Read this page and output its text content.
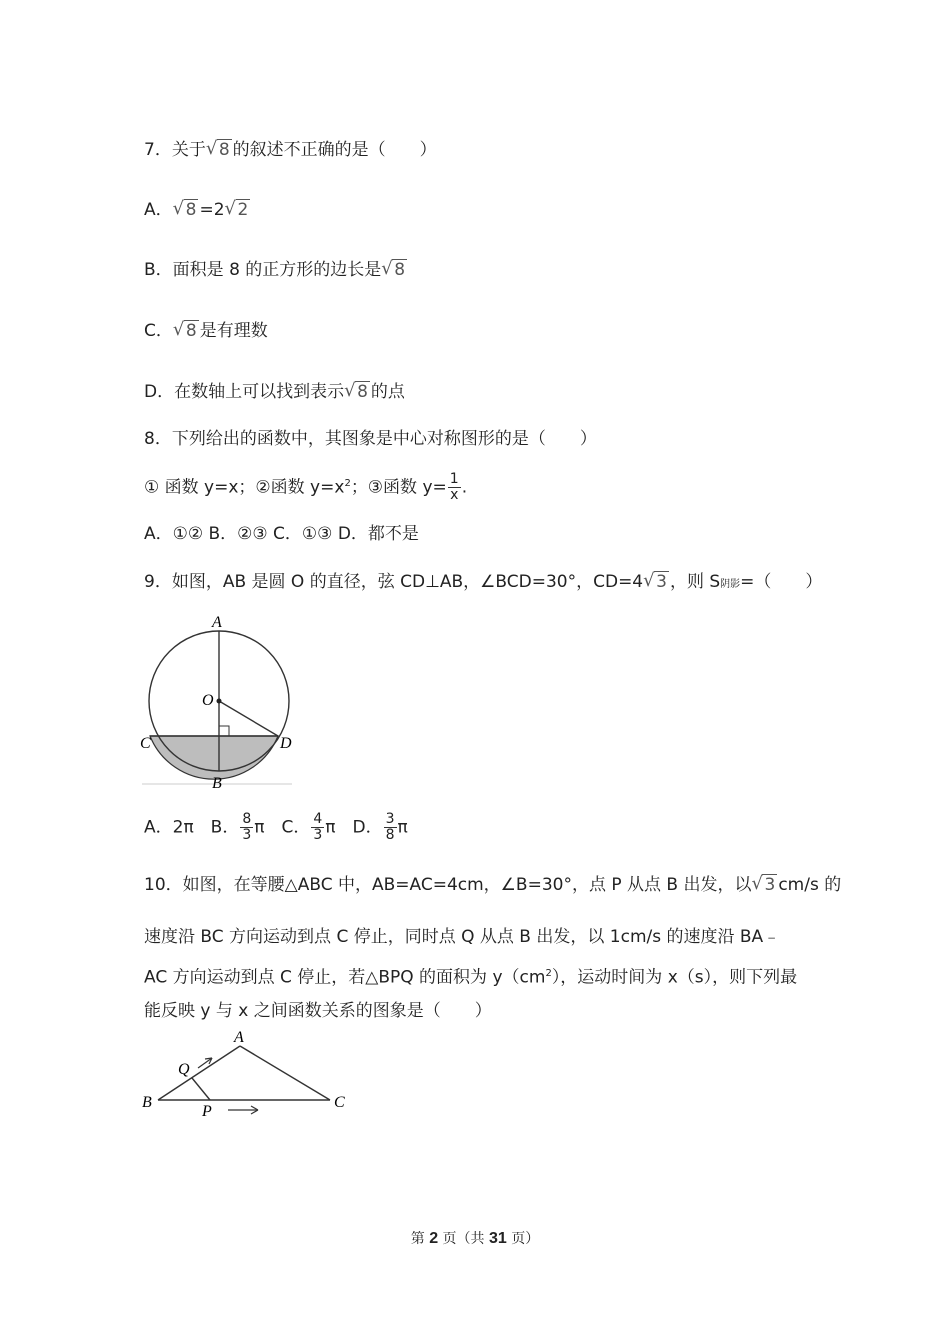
7．关于 √ 8 的叙述不正确的是（　　）
A． √ 8 =2 √ 2
B．面积是 8 的正方形的边长是 √ 8
C． √ 8 是有理数
D．在数轴上可以找到表示 √ 8 的点
8．下列给出的函数中，其图象是中心对称图形的是（　　）
① 函数 y=x；②函数 $y=x^2$；③函数 $y= \frac{1}{x}$ .
A．①② B．②③ C．①③ D．都不是
9．如图，AB 是圆 O 的直径，弦 CD⊥AB，∠BCD=30°，CD=4 √ 3 ，则 S阴影=（　　）
A
O
C	D
B
A．2π　B． $\frac{8}{3}$ π　C． $\frac{4}{3}$ π　D． $\frac{3}{8}$ π
10．如图，在等腰△ABC 中，AB=AC=4cm，∠B=30°，点 P 从点 B 出发，以 √ 3 cm/s 的
速度沿 BC 方向运动到点 C 停止，同时点 Q 从点 B 出发，以 1cm/s 的速度沿 BA﹣
AC 方向运动到点 C 停止，若△BPQ 的面积为 $y(cm^2)$，运动时间为 x（s），则下列最
能反映 y 与 x 之间函数关系的图象是（　　）
A
Q
B
P
C
第 2 页（共 31 页）
